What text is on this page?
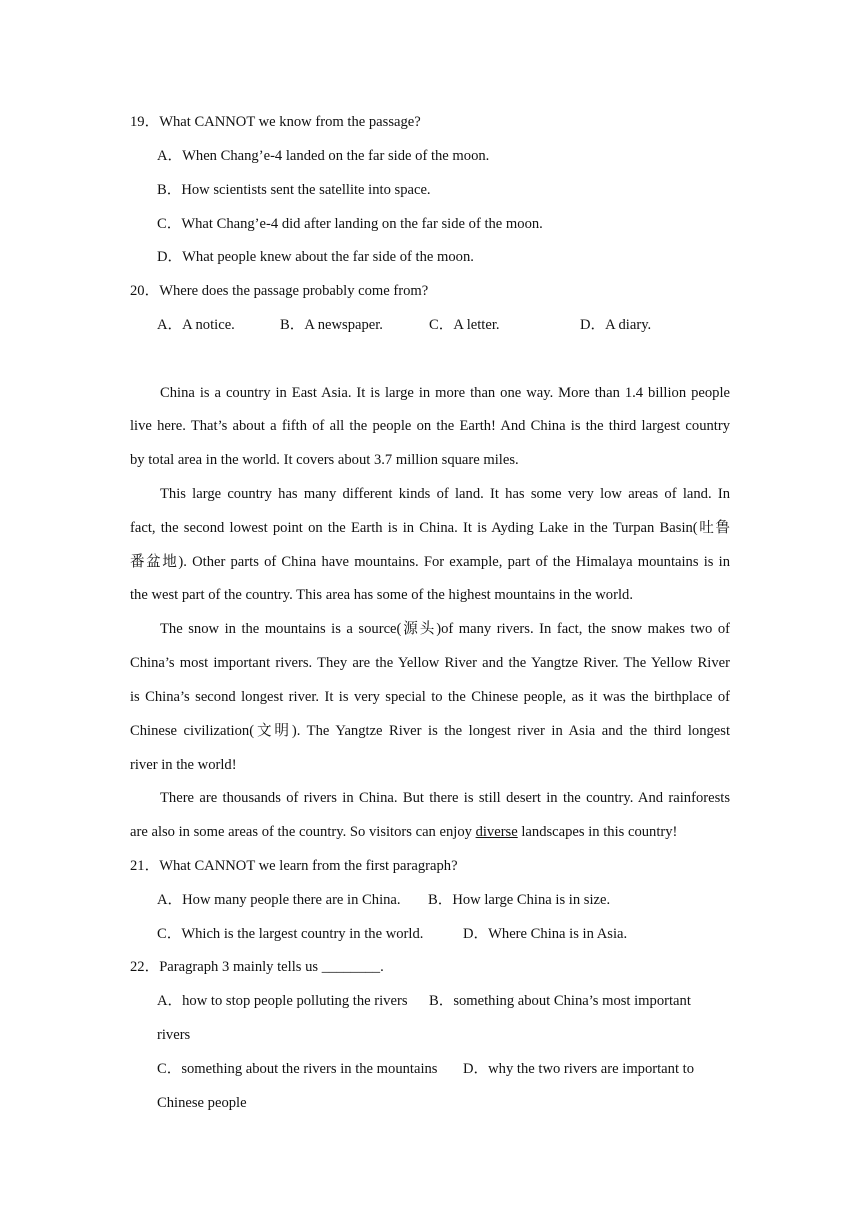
19．What CANNOT we know from the passage?
A．When Chang’e-4 landed on the far side of the moon.
B．How scientists sent the satellite into space.
C．What Chang’e-4 did after landing on the far side of the moon.
D．What people knew about the far side of the moon.
20．Where does the passage probably come from?
A．A notice.	B．A newspaper.	C．A letter.	D．A diary.
China is a country in East Asia. It is large in more than one way. More than 1.4 billion people
live here. That’s about a fifth of all the people on the Earth! And China is the third largest country
by total area in the world. It covers about 3.7 million square miles.
This large country has many different kinds of land. It has some very low areas of land. In
fact, the second lowest point on the Earth is in China. It is Ayding Lake in the Turpan Basin(吐鲁
番盆地). Other parts of China have mountains. For example, part of the Himalaya mountains is in
the west part of the country. This area has some of the highest mountains in the world.
The snow in the mountains is a source(源头)of many rivers. In fact, the snow makes two of
China’s most important rivers. They are the Yellow River and the Yangtze River. The Yellow River
is China’s second longest river. It is very special to the Chinese people, as it was the birthplace of
Chinese civilization(文明). The Yangtze River is the longest river in Asia and the third longest
river in the world!
There are thousands of rivers in China. But there is still desert in the country. And rainforests
are also in some areas of the country. So visitors can enjoy diverse landscapes in this country!
21．What CANNOT we learn from the first paragraph?
A．How many people there are in China. B．How large China is in size.
C．Which is the largest country in the world.	D．Where China is in Asia.
22．Paragraph 3 mainly tells us ________.
A．how to stop people polluting the rivers B．something about China’s most important
rivers
C．something about the rivers in the mountains D．why the two rivers are important to
Chinese people
